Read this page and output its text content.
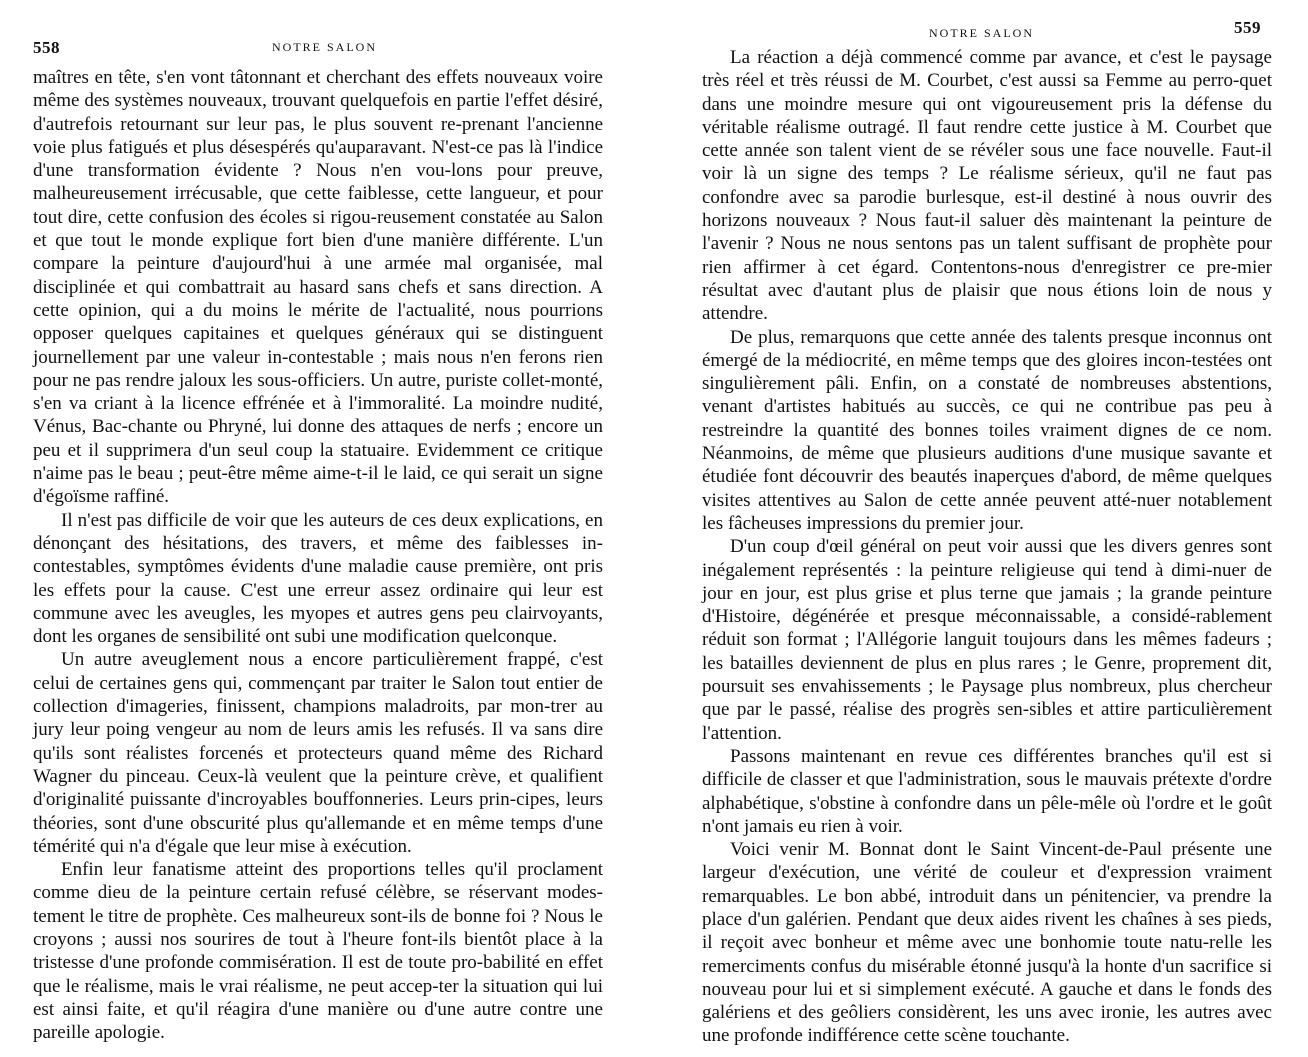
558	NOTRE SALON

maîtres en tête, s'en vont tâtonnant et cherchant des effets nouveaux voire même des systèmes nouveaux, trouvant quelquefois en partie l'effet désiré, d'autrefois retournant sur leur pas, le plus souvent re-prenant l'ancienne voie plus fatigués et plus désespérés qu'auparavant. N'est-ce pas là l'indice d'une transformation évidente ? Nous n'en vou-lons pour preuve, malheureusement irrécusable, que cette faiblesse, cette langueur, et pour tout dire, cette confusion des écoles si rigou-reusement constatée au Salon et que tout le monde explique fort bien d'une manière différente. L'un compare la peinture d'aujourd'hui à une armée mal organisée, mal disciplinée et qui combattrait au hasard sans chefs et sans direction. A cette opinion, qui a du moins le mérite de l'actualité, nous pourrions opposer quelques capitaines et quelques généraux qui se distinguent journellement par une valeur in-contestable ; mais nous n'en ferons rien pour ne pas rendre jaloux les sous-officiers. Un autre, puriste collet-monté, s'en va criant à la licence effrénée et à l'immoralité. La moindre nudité, Vénus, Bac-chante ou Phryné, lui donne des attaques de nerfs ; encore un peu et il supprimera d'un seul coup la statuaire. Evidemment ce critique n'aime pas le beau ; peut-être même aime-t-il le laid, ce qui serait un signe d'égoïsme raffiné.

Il n'est pas difficile de voir que les auteurs de ces deux explications, en dénonçant des hésitations, des travers, et même des faiblesses in-contestables, symptômes évidents d'une maladie cause première, ont pris les effets pour la cause. C'est une erreur assez ordinaire qui leur est commune avec les aveugles, les myopes et autres gens peu clairvoyants, dont les organes de sensibilité ont subi une modification quelconque.

Un autre aveuglement nous a encore particulièrement frappé, c'est celui de certaines gens qui, commençant par traiter le Salon tout entier de collection d'imageries, finissent, champions maladroits, par mon-trer au jury leur poing vengeur au nom de leurs amis les refusés. Il va sans dire qu'ils sont réalistes forcenés et protecteurs quand même des Richard Wagner du pinceau. Ceux-là veulent que la peinture crève, et qualifient d'originalité puissante d'incroyables bouffonneries. Leurs prin-cipes, leurs théories, sont d'une obscurité plus qu'allemande et en même temps d'une témérité qui n'a d'égale que leur mise à exécution.

Enfin leur fanatisme atteint des proportions telles qu'il proclament comme dieu de la peinture certain refusé célèbre, se réservant modes-tement le titre de prophète. Ces malheureux sont-ils de bonne foi ? Nous le croyons ; aussi nos sourires de tout à l'heure font-ils bientôt place à la tristesse d'une profonde commisération. Il est de toute pro-babilité en effet que le réalisme, mais le vrai réalisme, ne peut accep-ter la situation qui lui est ainsi faite, et qu'il réagira d'une manière ou d'une autre contre une pareille apologie.

NOTRE SALON	559

La réaction a déjà commencé comme par avance, et c'est le paysage très réel et très réussi de M. Courbet, c'est aussi sa Femme au perro-quet dans une moindre mesure qui ont vigoureusement pris la défense du véritable réalisme outragé. Il faut rendre cette justice à M. Courbet que cette année son talent vient de se révéler sous une face nouvelle. Faut-il voir là un signe des temps ? Le réalisme sérieux, qu'il ne faut pas confondre avec sa parodie burlesque, est-il destiné à nous ouvrir des horizons nouveaux ? Nous faut-il saluer dès maintenant la peinture de l'avenir ? Nous ne nous sentons pas un talent suffisant de prophète pour rien affirmer à cet égard. Contentons-nous d'enregistrer ce pre-mier résultat avec d'autant plus de plaisir que nous étions loin de nous y attendre.

De plus, remarquons que cette année des talents presque inconnus ont émergé de la médiocrité, en même temps que des gloires incon-testées ont singulièrement pâli. Enfin, on a constaté de nombreuses abstentions, venant d'artistes habitués au succès, ce qui ne contribue pas peu à restreindre la quantité des bonnes toiles vraiment dignes de ce nom. Néanmoins, de même que plusieurs auditions d'une musique savante et étudiée font découvrir des beautés inaperçues d'abord, de même quelques visites attentives au Salon de cette année peuvent atté-nuer notablement les fâcheuses impressions du premier jour.

D'un coup d'œil général on peut voir aussi que les divers genres sont inégalement représentés : la peinture religieuse qui tend à dimi-nuer de jour en jour, est plus grise et plus terne que jamais ; la grande peinture d'Histoire, dégénérée et presque méconnaissable, a considé-rablement réduit son format ; l'Allégorie languit toujours dans les mêmes fadeurs ; les batailles deviennent de plus en plus rares ; le Genre, proprement dit, poursuit ses envahissements ; le Paysage plus nombreux, plus chercheur que par le passé, réalise des progrès sen-sibles et attire particulièrement l'attention.

Passons maintenant en revue ces différentes branches qu'il est si difficile de classer et que l'administration, sous le mauvais prétexte d'ordre alphabétique, s'obstine à confondre dans un pêle-mêle où l'ordre et le goût n'ont jamais eu rien à voir.

Voici venir M. Bonnat dont le Saint Vincent-de-Paul présente une largeur d'exécution, une vérité de couleur et d'expression vraiment remarquables. Le bon abbé, introduit dans un pénitencier, va prendre la place d'un galérien. Pendant que deux aides rivent les chaînes à ses pieds, il reçoit avec bonheur et même avec une bonhomie toute natu-relle les remerciments confus du misérable étonné jusqu'à la honte d'un sacrifice si nouveau pour lui et si simplement exécuté. A gauche et dans le fonds des galériens et des geôliers considèrent, les uns avec ironie, les autres avec une profonde indifférence cette scène touchante.
